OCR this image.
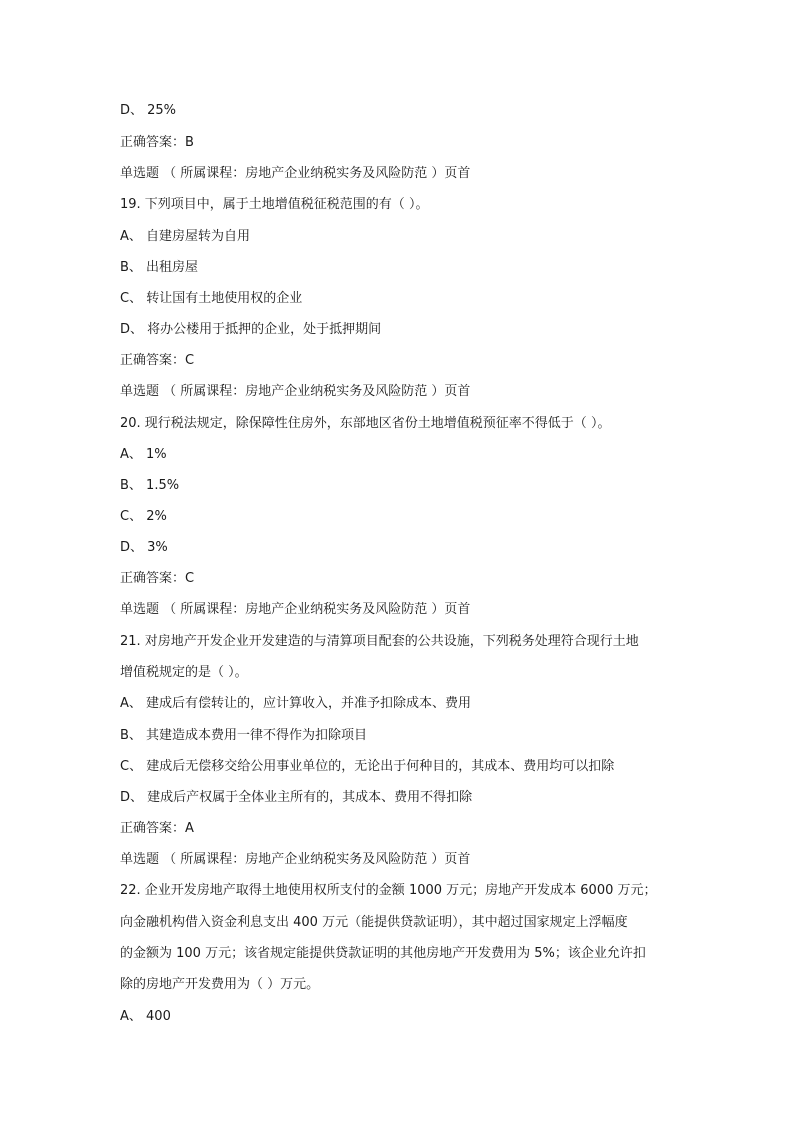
D、 25%
正确答案：B
单选题 （ 所属课程：房地产企业纳税实务及风险防范 ）页首
19. 下列项目中，属于土地增值税征税范围的有（ ）。
A、 自建房屋转为自用
B、 出租房屋
C、 转让国有土地使用权的企业
D、 将办公楼用于抵押的企业，处于抵押期间
正确答案：C
单选题 （ 所属课程：房地产企业纳税实务及风险防范 ）页首
20. 现行税法规定，除保障性住房外，东部地区省份土地增值税预征率不得低于（ ）。
A、 1%
B、 1.5%
C、 2%
D、 3%
正确答案：C
单选题 （ 所属课程：房地产企业纳税实务及风险防范 ）页首
21. 对房地产开发企业开发建造的与清算项目配套的公共设施，下列税务处理符合现行土地
增值税规定的是（ ）。
A、 建成后有偿转让的，应计算收入，并准予扣除成本、费用
B、 其建造成本费用一律不得作为扣除项目
C、 建成后无偿移交给公用事业单位的，无论出于何种目的，其成本、费用均可以扣除
D、 建成后产权属于全体业主所有的，其成本、费用不得扣除
正确答案：A
单选题 （ 所属课程：房地产企业纳税实务及风险防范 ）页首
22. 企业开发房地产取得土地使用权所支付的金额 1000 万元；房地产开发成本 6000 万元；
向金融机构借入资金利息支出 400 万元（能提供贷款证明），其中超过国家规定上浮幅度
的金额为 100 万元；该省规定能提供贷款证明的其他房地产开发费用为 5%；该企业允许扣
除的房地产开发费用为（ ）万元。
A、 400
